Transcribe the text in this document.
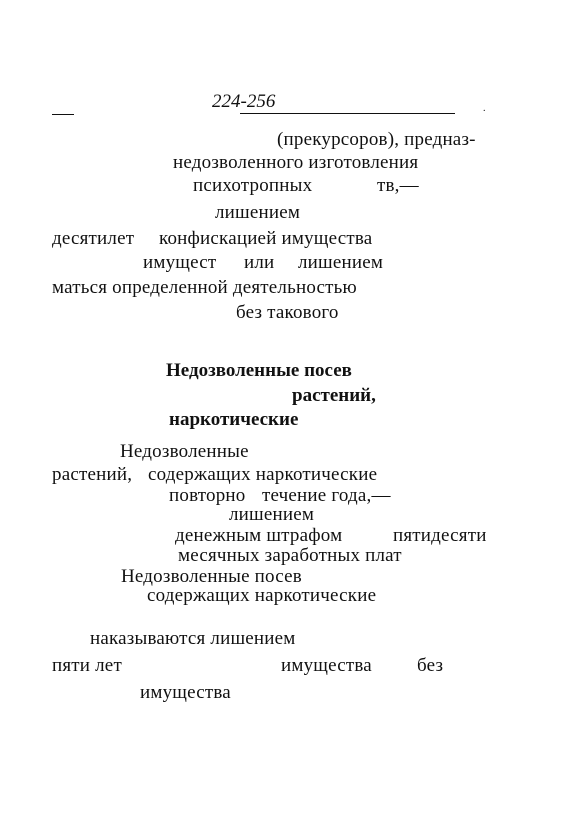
224-256	.
(прекурсоров), предназ-
недозволенного изготовления
психотропных	тв,—
лишением
десятилет конфискацией имущества
имущест или лишением
маться определенной деятельностью
без такового
Недозволенные посев
растений,
наркотические
Недозволенные
растений, содержащих наркотические
повторно течение года,—
лишением
денежным штрафом	пятидесяти
месячных заработных плат
Недозволенные посев
содержащих наркотические
наказываются лишением
пяти лет	имущества без
имущества
